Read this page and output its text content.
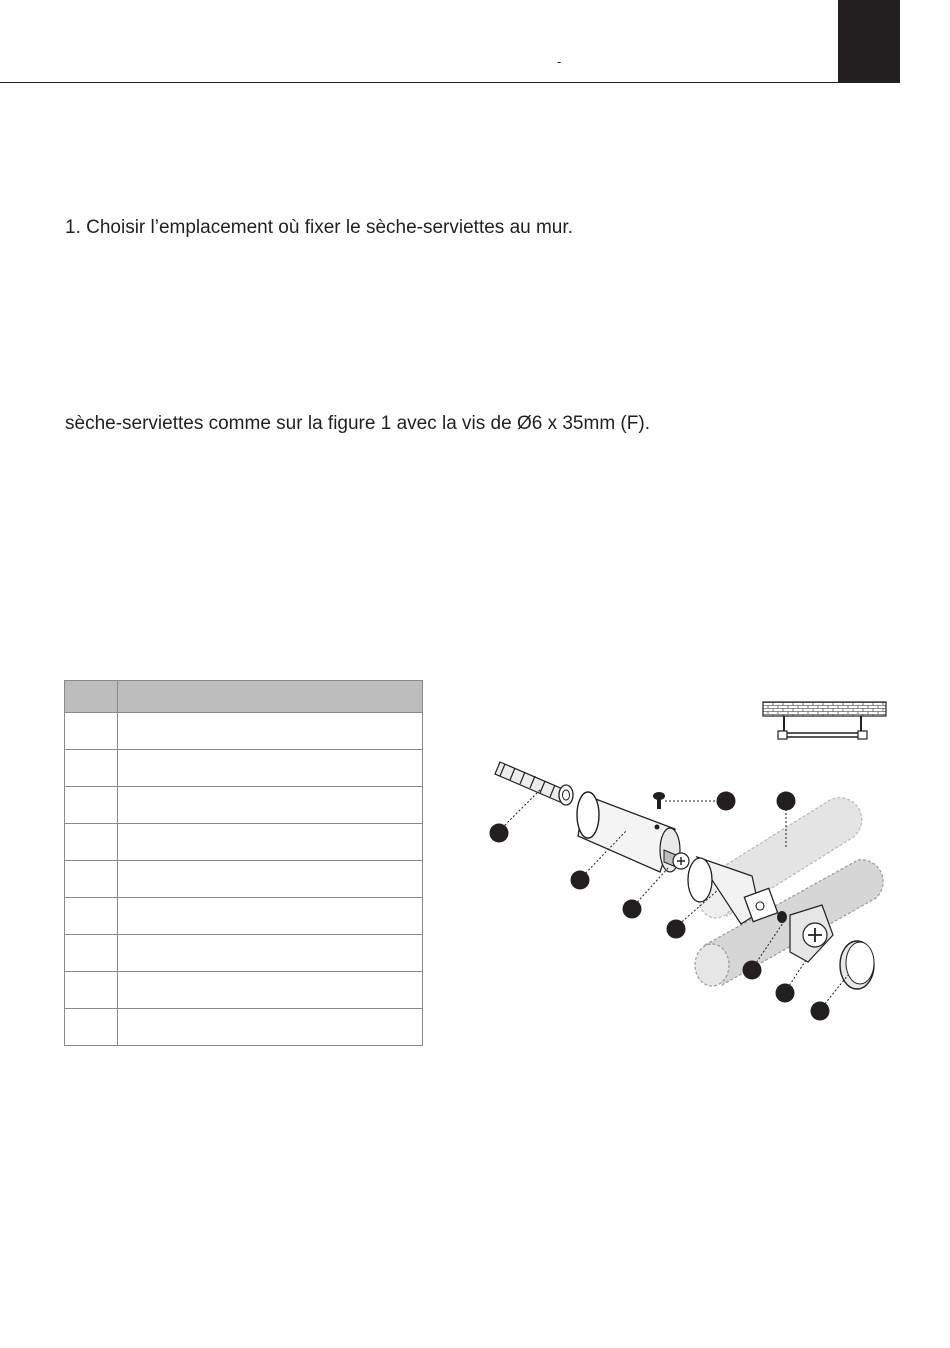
-
1. Choisir l’emplacement où fixer le sèche-serviettes au mur.
sèche-serviettes comme sur la figure 1 avec la vis de Ø6 x 35mm (F).
